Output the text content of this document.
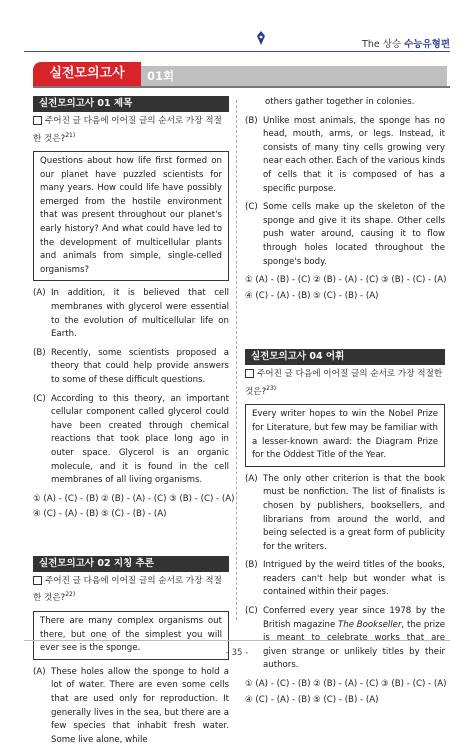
The 상승 수능유형편
실전모의고사	01회
실전모의고사 01 제목
주어진 글 다음에 이어질 글의 순서로 가장 적절한 것은?$^{21)}$
Questions about how life first formed on our planet have puzzled scientists for many years. How could life have possibly emerged from the hostile environment that was present throughout our planet's early history? And what could have led to the development of multicellular plants and animals from simple, single-celled organisms?
(A) In addition, it is believed that cell membranes with glycerol were essential to the evolution of multicellular life on Earth.
(B) Recently, some scientists proposed a theory that could help provide answers to some of these difficult questions.
(C) According to this theory, an important cellular component called glycerol could have been created through chemical reactions that took place long ago in outer space. Glycerol is an organic molecule, and it is found in the cell membranes of all living organisms.
① (A) - (C) - (B) ② (B) - (A) - (C) ③ (B) - (C) - (A)
④ (C) - (A) - (B) ⑤ (C) - (B) - (A)
실전모의고사 02 지칭 추론
주어진 글 다음에 이어질 글의 순서로 가장 적절한 것은?$^{22)}$
There are many complex organisms out there, but one of the simplest you will ever see is the sponge.
(A) These holes allow the sponge to hold a lot of water. There are even some cells that are used only for reproduction. It generally lives in the sea, but there are a few species that inhabit fresh water. Some live alone, while
others gather together in colonies.
(B) Unlike most animals, the sponge has no head, mouth, arms, or legs. Instead, it consists of many tiny cells growing very near each other. Each of the various kinds of cells that it is composed of has a specific purpose.
(C) Some cells make up the skeleton of the sponge and give it its shape. Other cells push water around, causing it to flow through holes located throughout the sponge's body.
① (A) - (B) - (C) ② (B) - (A) - (C) ③ (B) - (C) - (A)
④ (C) - (A) - (B) ⑤ (C) - (B) - (A)
실전모의고사 04 어휘
주어진 글 다음에 이어질 글의 순서로 가장 적절한 것은?$^{23)}$
Every writer hopes to win the Nobel Prize for Literature, but few may be familiar with a lesser-known award: the Diagram Prize for the Oddest Title of the Year.
(A) The only other criterion is that the book must be nonfiction. The list of finalists is chosen by publishers, booksellers, and librarians from around the world, and being selected is a great form of publicity for the writers.
(B) Intrigued by the weird titles of the books, readers can't help but wonder what is contained within their pages.
(C) Conferred every year since 1978 by the British magazine The Bookseller, the prize is meant to celebrate works that are given strange or unlikely titles by their authors.
① (A) - (C) - (B) ② (B) - (A) - (C) ③ (B) - (C) - (A)
④ (C) - (A) - (B) ⑤ (C) - (B) - (A)
- 35 -
